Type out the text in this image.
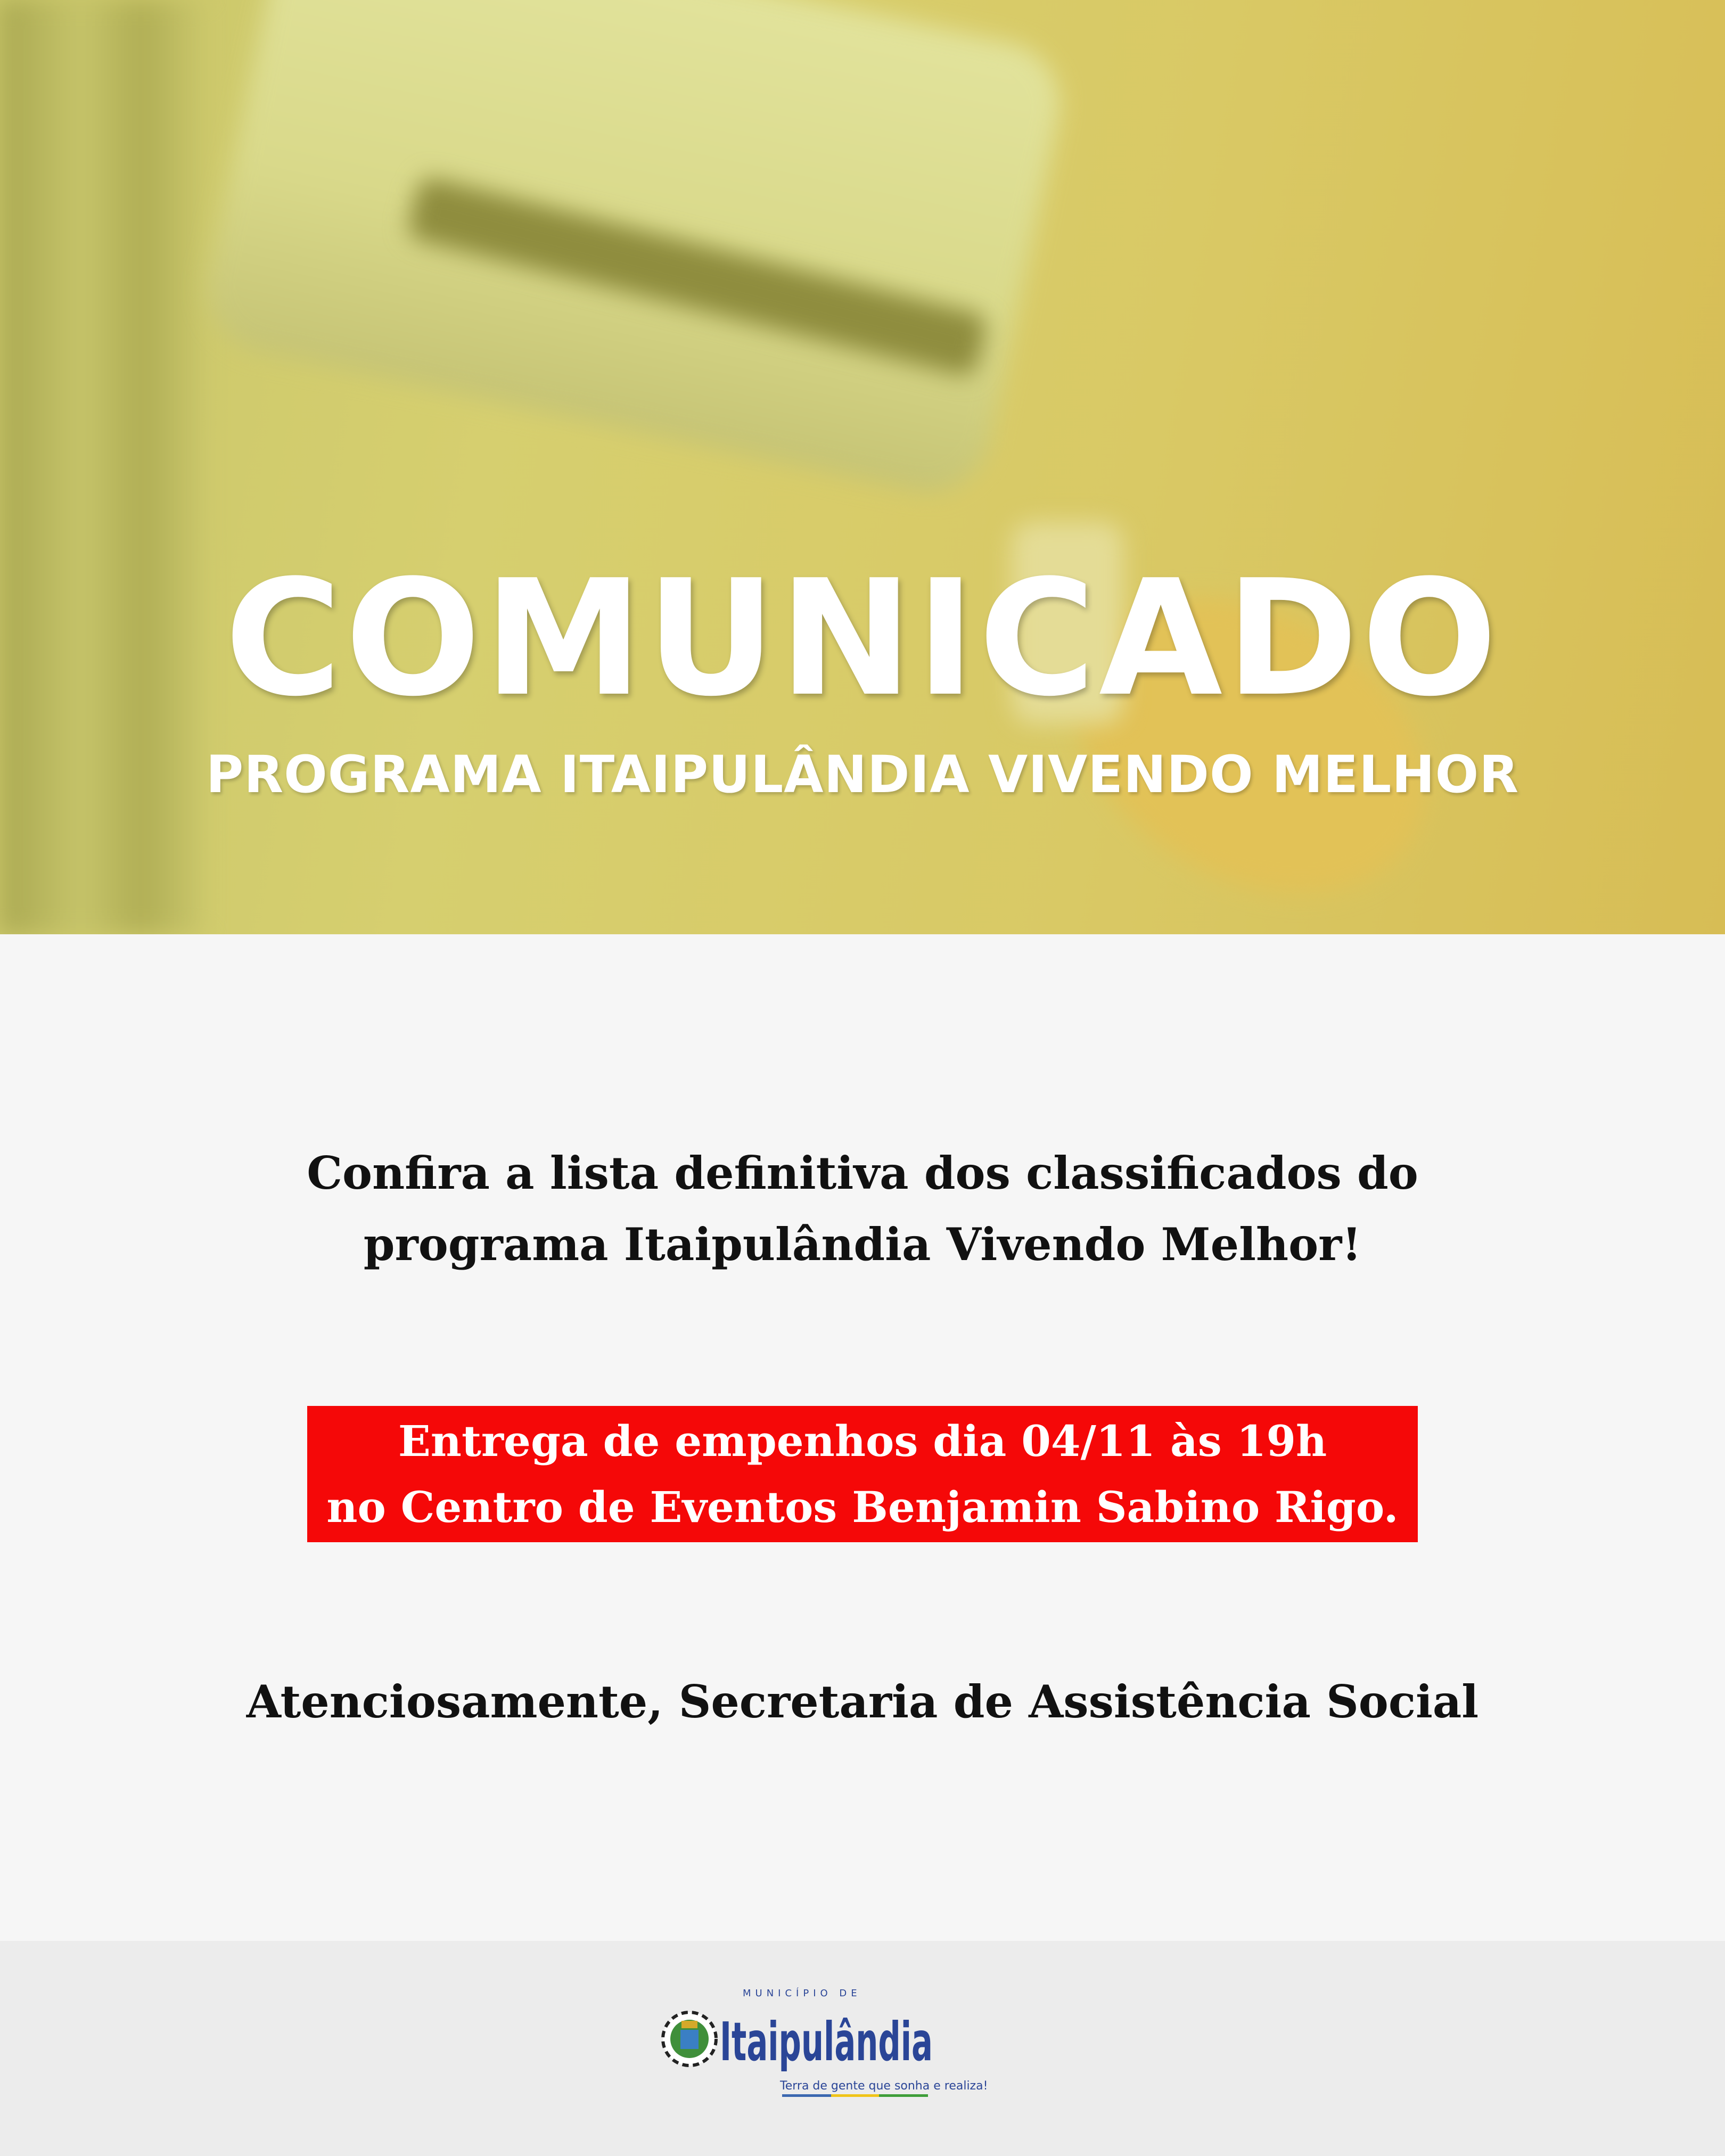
COMUNICADO
PROGRAMA ITAIPULÂNDIA VIVENDO MELHOR
Confira a lista definitiva dos classificados do
programa Itaipulândia Vivendo Melhor!
Entrega de empenhos dia 04/11 às 19h
no Centro de Eventos Benjamin Sabino Rigo.
Atenciosamente, Secretaria de Assistência Social
MUNICÍPIO DE
Itaipulândia
Terra de gente que sonha e realiza!
